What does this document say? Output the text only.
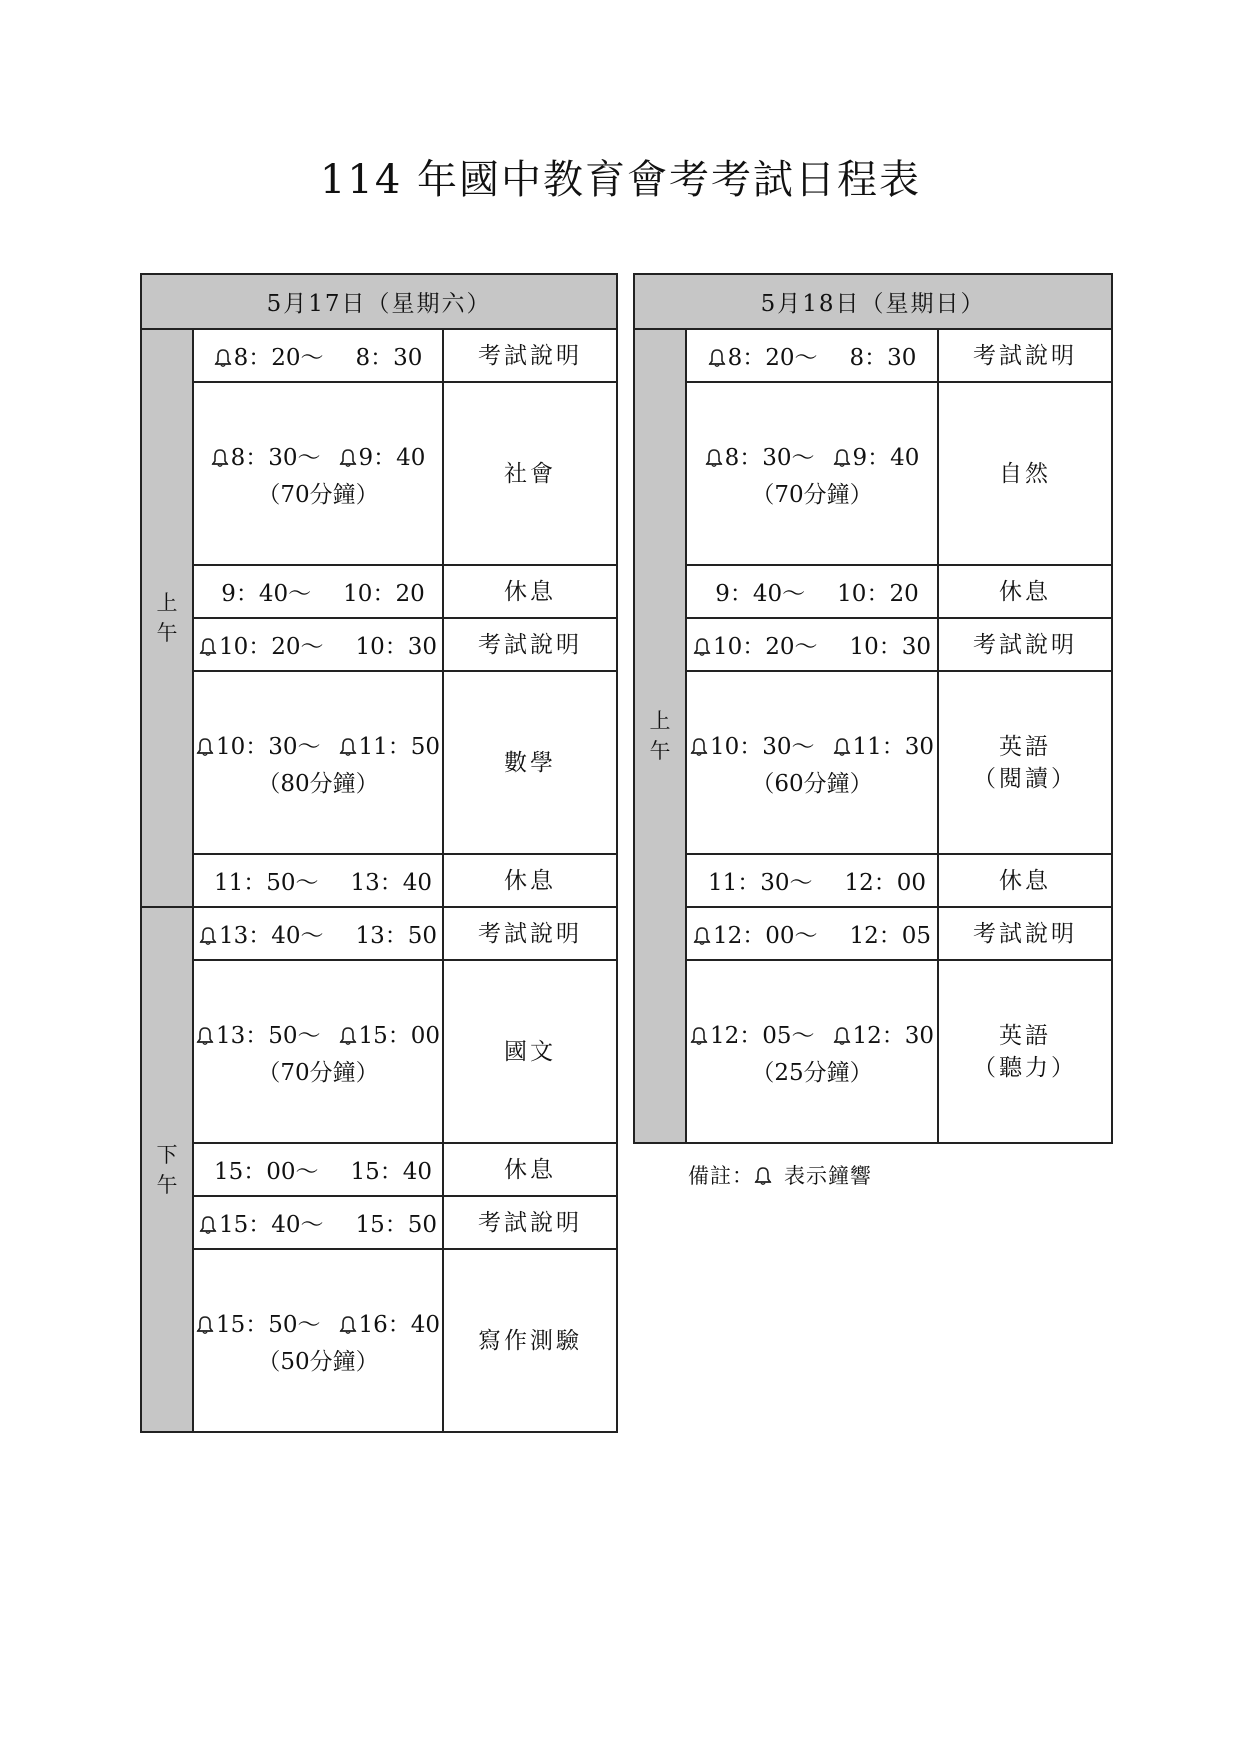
114 年國中教育會考考試日程表
5月17日（星期六）		

上
午	8：20～ 8：30	考試說明

8：30～ 9：40
（70分鐘）	社會

	9：40～ 10：20	休息

10：20～ 10：30	考試說明

10：30～ 11：50
（80分鐘）	數學

	11：50～ 13：40	休息

下
午	13：40～ 13：50	考試說明

13：50～ 15：00
（70分鐘）	國文

	15：00～ 15：40	休息

15：40～ 15：50	考試說明

15：50～ 16：40
（50分鐘）	寫作測驗
5月18日（星期日）		

上
午	8：20～ 8：30	考試說明

8：30～ 9：40
（70分鐘）	自然

	9：40～ 10：20	休息

10：20～ 10：30	考試說明

10：30～ 11：30
（60分鐘）	英語
（閱讀）

	11：30～ 12：00	休息

12：00～ 12：05	考試說明

12：05～ 12：30
（25分鐘）	英語
（聽力）
備註： 表示鐘響
